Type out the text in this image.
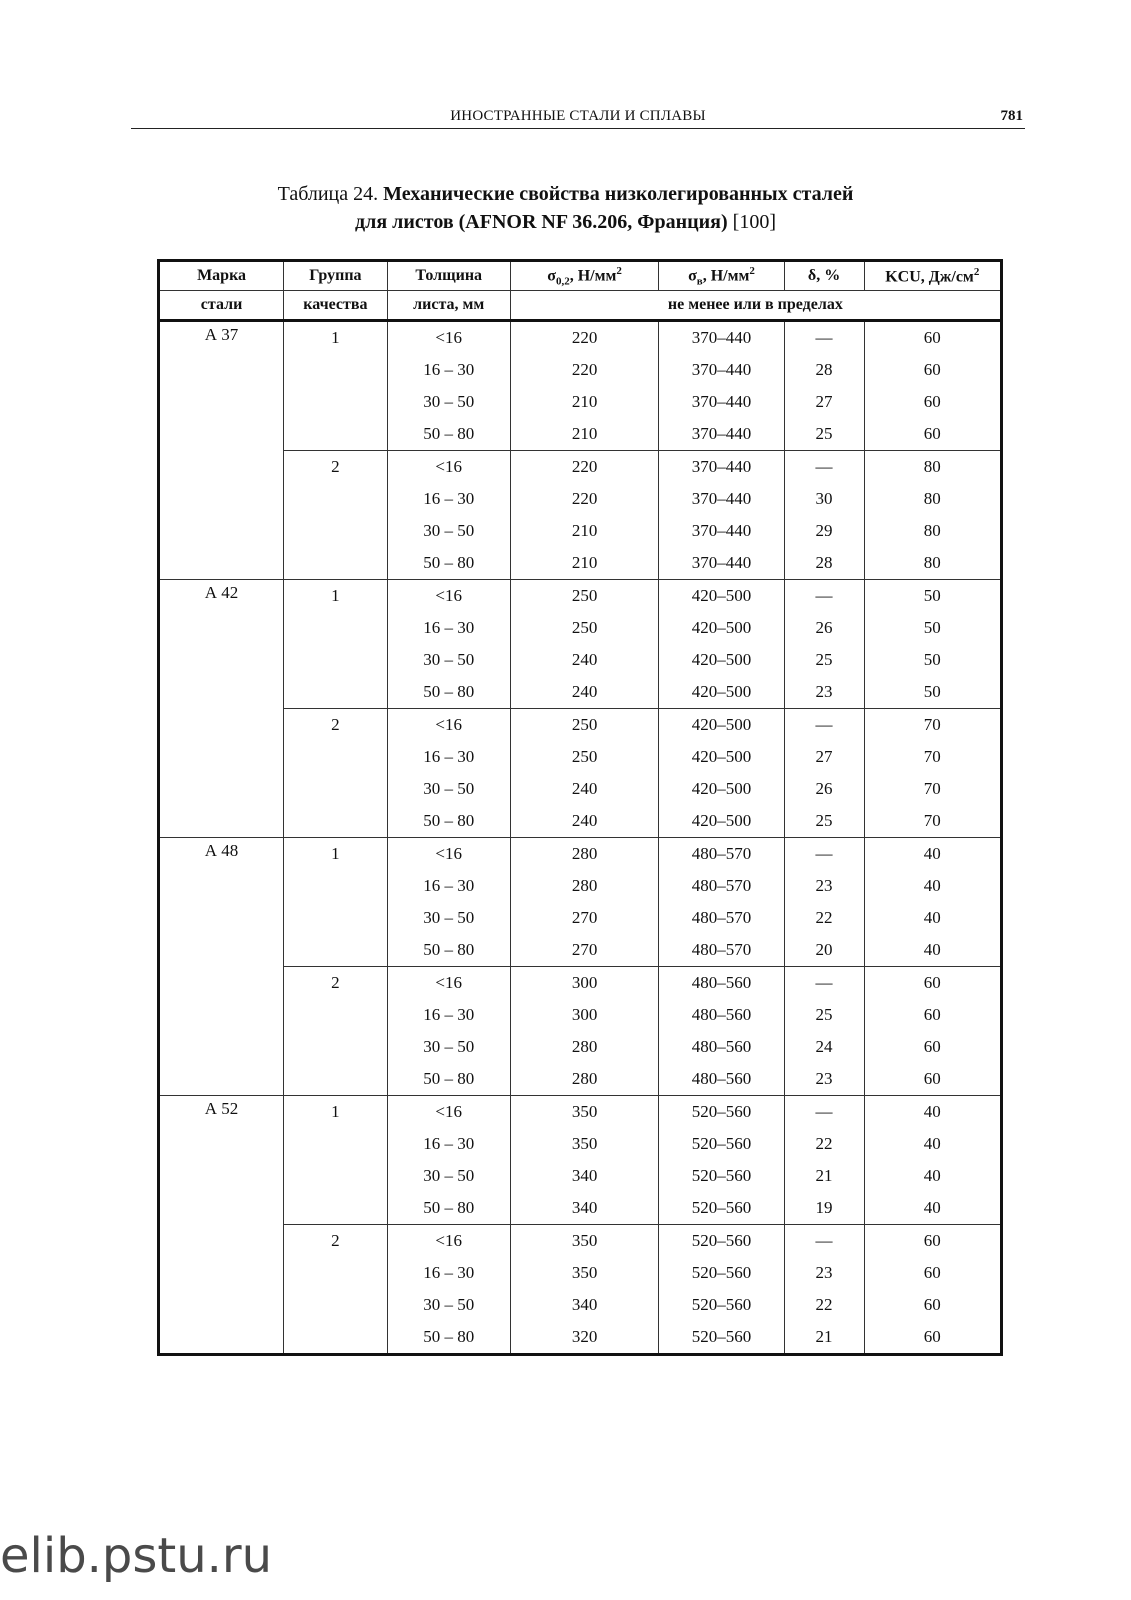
ИНОСТРАННЫЕ СТАЛИ И СПЛАВЫ	781
Таблица 24. Механические свойства низколегированных сталей
для листов (AFNOR NF 36.206, Франция) [100]
Марка	Группа	Толщина	$\sigma_{0,2}$, $Н/мм^2$	$\sigma_в$, $Н/мм^2$	δ, %	KCU, $Дж/см^2$
стали	качества	листа, мм	не менее или в пределах			
А 37	1	<16	220	370–440	—	60
		16 – 30	220	370–440	28	60
		30 – 50	210	370–440	27	60
		50 – 80	210	370–440	25	60
	2	<16	220	370–440	—	80
		16 – 30	220	370–440	30	80
		30 – 50	210	370–440	29	80
		50 – 80	210	370–440	28	80
А 42	1	<16	250	420–500	—	50
		16 – 30	250	420–500	26	50
		30 – 50	240	420–500	25	50
		50 – 80	240	420–500	23	50
	2	<16	250	420–500	—	70
		16 – 30	250	420–500	27	70
		30 – 50	240	420–500	26	70
		50 – 80	240	420–500	25	70
А 48	1	<16	280	480–570	—	40
		16 – 30	280	480–570	23	40
		30 – 50	270	480–570	22	40
		50 – 80	270	480–570	20	40
	2	<16	300	480–560	—	60
		16 – 30	300	480–560	25	60
		30 – 50	280	480–560	24	60
		50 – 80	280	480–560	23	60
А 52	1	<16	350	520–560	—	40
		16 – 30	350	520–560	22	40
		30 – 50	340	520–560	21	40
		50 – 80	340	520–560	19	40
	2	<16	350	520–560	—	60
		16 – 30	350	520–560	23	60
		30 – 50	340	520–560	22	60
		50 – 80	320	520–560	21	60
elib.pstu.ru
